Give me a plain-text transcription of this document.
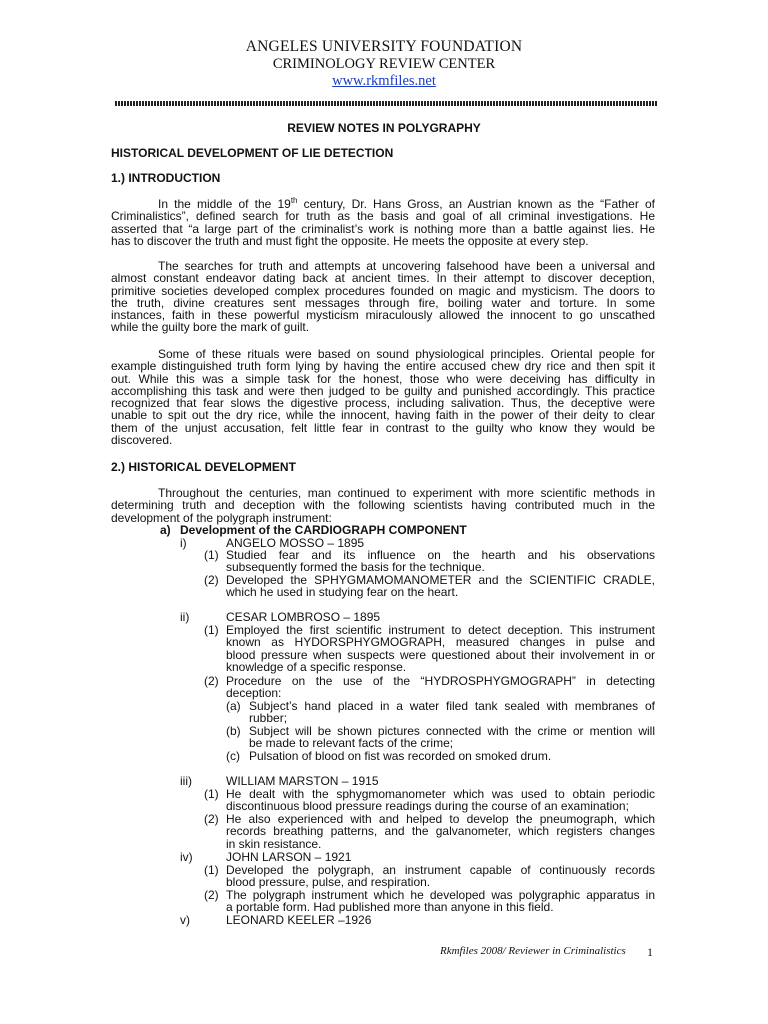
ANGELES UNIVERSITY FOUNDATION
CRIMINOLOGY REVIEW CENTER
www.rkmfiles.net
REVIEW NOTES IN POLYGRAPHY
HISTORICAL DEVELOPMENT OF LIE DETECTION
1.) INTRODUCTION
In the middle of the 19th century, Dr. Hans Gross, an Austrian known as the “Father of
Criminalistics”, defined search for truth as the basis and goal of all criminal investigations. He
asserted that “a large part of the criminalist’s work is nothing more than a battle against lies. He
has to discover the truth and must fight the opposite. He meets the opposite at every step.
The searches for truth and attempts at uncovering falsehood have been a universal and
almost constant endeavor dating back at ancient times. In their attempt to discover deception,
primitive societies developed complex procedures founded on magic and mysticism. The doors to
the truth, divine creatures sent messages through fire, boiling water and torture. In some
instances, faith in these powerful mysticism miraculously allowed the innocent to go unscathed
while the guilty bore the mark of guilt.
Some of these rituals were based on sound physiological principles. Oriental people for
example distinguished truth form lying by having the entire accused chew dry rice and then spit it
out. While this was a simple task for the honest, those who were deceiving has difficulty in
accomplishing this task and were then judged to be guilty and punished accordingly. This practice
recognized that fear slows the digestive process, including salivation. Thus, the deceptive were
unable to spit out the dry rice, while the innocent, having faith in the power of their deity to clear
them of the unjust accusation, felt little fear in contrast to the guilty who know they would be
discovered.
2.) HISTORICAL DEVELOPMENT
Throughout the centuries, man continued to experiment with more scientific methods in
determining truth and deception with the following scientists having contributed much in the
development of the polygraph instrument:
a) Development of the CARDIOGRAPH COMPONENT
i)	ANGELO MOSSO – 1895
(1) Studied fear and its influence on the hearth and his observations
subsequently formed the basis for the technique.
(2) Developed the SPHYGMAMOMANOMETER and the SCIENTIFIC CRADLE,
which he used in studying fear on the heart.
ii)	CESAR LOMBROSO – 1895
(1) Employed the first scientific instrument to detect deception. This instrument
known as HYDORSPHYGMOGRAPH, measured changes in pulse and
blood pressure when suspects were questioned about their involvement in or
knowledge of a specific response.
(2) Procedure on the use of the “HYDROSPHYGMOGRAPH” in detecting
deception:
(a) Subject’s hand placed in a water filed tank sealed with membranes of
rubber;
(b) Subject will be shown pictures connected with the crime or mention will
be made to relevant facts of the crime;
(c) Pulsation of blood on fist was recorded on smoked drum.
iii)	WILLIAM MARSTON – 1915
(1) He dealt with the sphygmomanometer which was used to obtain periodic
discontinuous blood pressure readings during the course of an examination;
(2) He also experienced with and helped to develop the pneumograph, which
records breathing patterns, and the galvanometer, which registers changes
in skin resistance.
iv)	JOHN LARSON – 1921
(1) Developed the polygraph, an instrument capable of continuously records
blood pressure, pulse, and respiration.
(2) The polygraph instrument which he developed was polygraphic apparatus in
a portable form. Had published more than anyone in this field.
v)	LEONARD KEELER –1926
Rkmfiles 2008/ Reviewer in Criminalistics 1
